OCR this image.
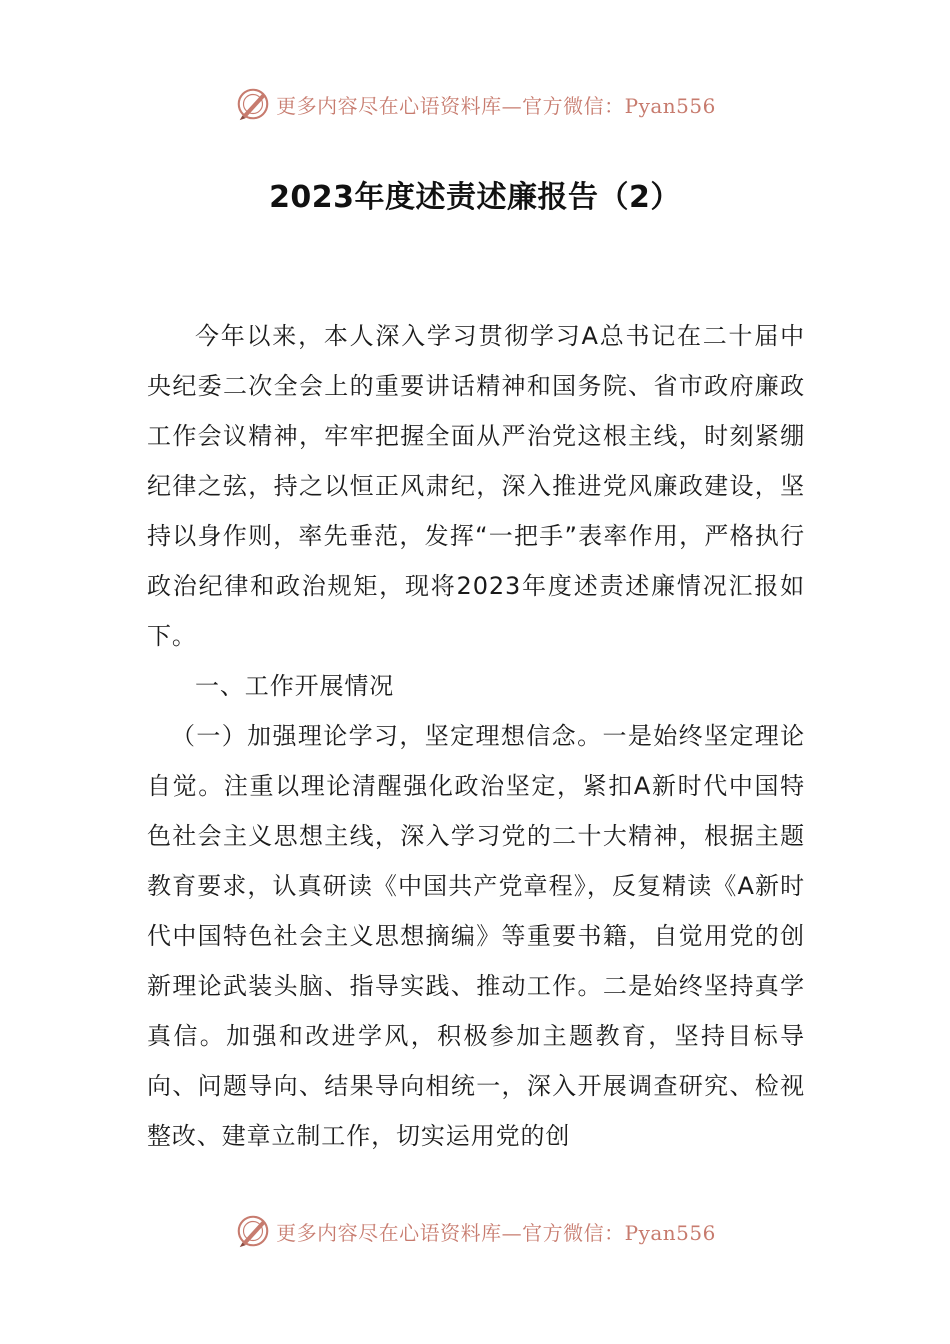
更多内容尽在心语资料库—官方微信：Pyan556
2023年度述责述廉报告（2）

今年以来，本人深入学习贯彻学习A总书记在二十届中央纪委二次全会上的重要讲话精神和国务院、省市政府廉政工作会议精神，牢牢把握全面从严治党这根主线，时刻紧绷纪律之弦，持之以恒正风肃纪，深入推进党风廉政建设，坚持以身作则，率先垂范，发挥“一把手”表率作用，严格执行政治纪律和政治规矩，现将2023年度述责述廉情况汇报如下。

一、工作开展情况

（一）加强理论学习，坚定理想信念。一是始终坚定理论自觉。注重以理论清醒强化政治坚定，紧扣A新时代中国特色社会主义思想主线，深入学习党的二十大精神，根据主题教育要求，认真研读《中国共产党章程》，反复精读《A新时代中国特色社会主义思想摘编》等重要书籍，自觉用党的创新理论武装头脑、指导实践、推动工作。二是始终坚持真学真信。加强和改进学风，积极参加主题教育，坚持目标导向、问题导向、结果导向相统一，深入开展调查研究、检视整改、建章立制工作，切实运用党的创

更多内容尽在心语资料库—官方微信：Pyan556
